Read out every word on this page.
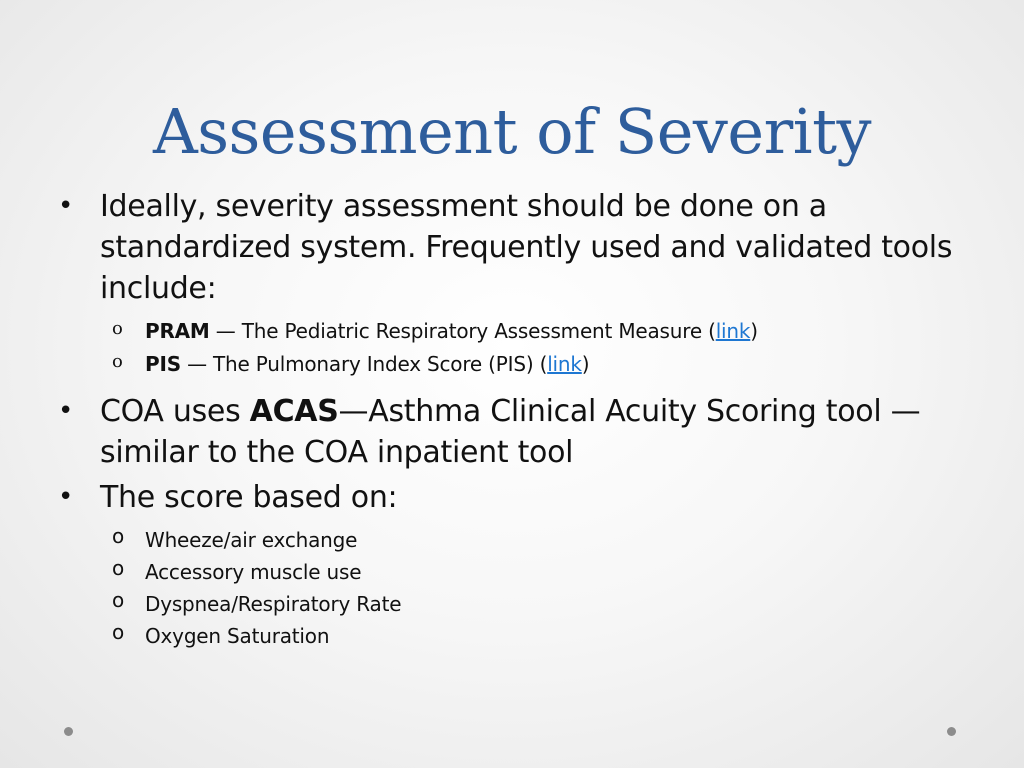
Assessment of Severity
• Ideally, severity assessment should be done on a standardized system. Frequently used and validated tools include:
o PRAM — The Pediatric Respiratory Assessment Measure (link)
o PIS — The Pulmonary Index Score (PIS) (link)
• COA uses ACAS—Asthma Clinical Acuity Scoring tool —similar to the COA inpatient tool
• The score based on:
o Wheeze/air exchange
o Accessory muscle use
o Dyspnea/Respiratory Rate
o Oxygen Saturation
